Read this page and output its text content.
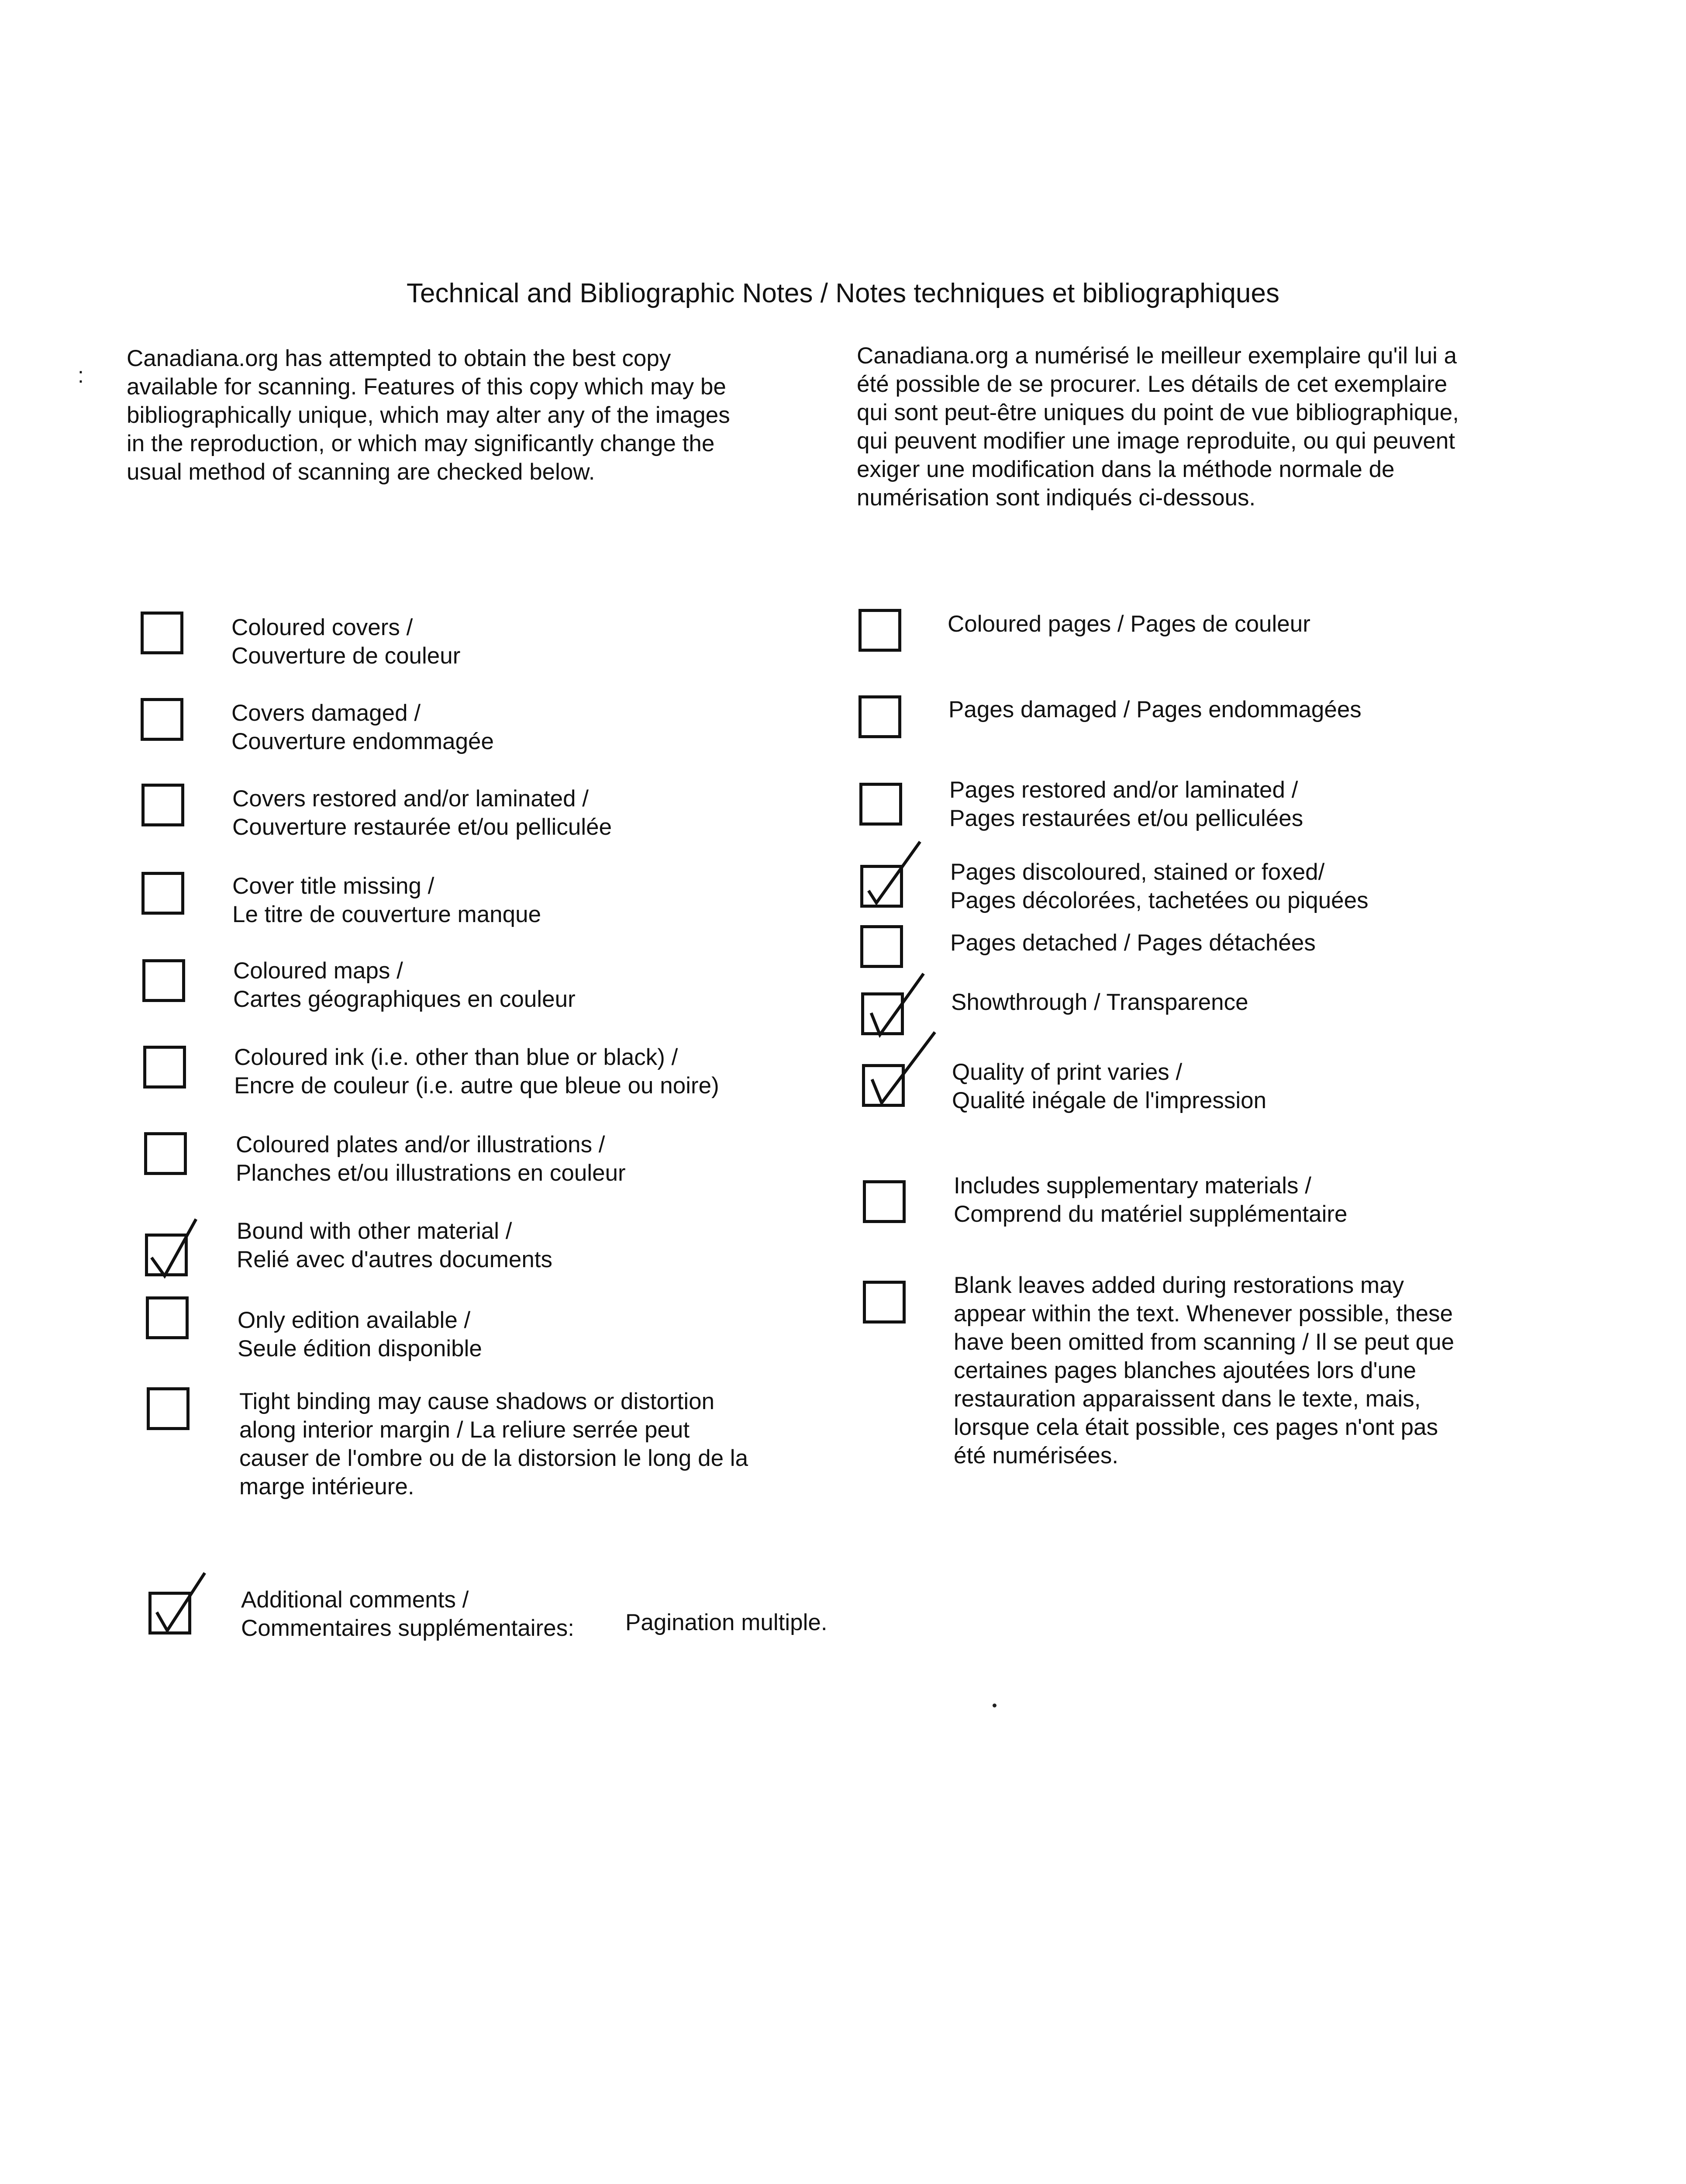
Technical and Bibliographic Notes / Notes techniques et bibliographiques
:
Canadiana.org has attempted to obtain the best copy
available for scanning. Features of this copy which may be
bibliographically unique, which may alter any of the images
in the reproduction, or which may significantly change the
usual method of scanning are checked below.
Canadiana.org a numérisé le meilleur exemplaire qu'il lui a
été possible de se procurer. Les détails de cet exemplaire
qui sont peut-être uniques du point de vue bibliographique,
qui peuvent modifier une image reproduite, ou qui peuvent
exiger une modification dans la méthode normale de
numérisation sont indiqués ci-dessous.
Coloured covers /
Couverture de couleur
Covers damaged /
Couverture endommagée
Covers restored and/or laminated /
Couverture restaurée et/ou pelliculée
Cover title missing /
Le titre de couverture manque
Coloured maps /
Cartes géographiques en couleur
Coloured ink (i.e. other than blue or black) /
Encre de couleur (i.e. autre que bleue ou noire)
Coloured plates and/or illustrations /
Planches et/ou illustrations en couleur
Bound with other material /
Relié avec d'autres documents
Only edition available /
Seule édition disponible
Tight binding may cause shadows or distortion
along interior margin / La reliure serrée peut
causer de l'ombre ou de la distorsion le long de la
marge intérieure.
Coloured pages / Pages de couleur
Pages damaged / Pages endommagées
Pages restored and/or laminated /
Pages restaurées et/ou pelliculées
Pages discoloured, stained or foxed/
Pages décolorées, tachetées ou piquées
Pages detached / Pages détachées
Showthrough / Transparence
Quality of print varies /
Qualité inégale de l'impression
Includes supplementary materials /
Comprend du matériel supplémentaire
Blank leaves added during restorations may
appear within the text. Whenever possible, these
have been omitted from scanning / Il se peut que
certaines pages blanches ajoutées lors d'une
restauration apparaissent dans le texte, mais,
lorsque cela était possible, ces pages n'ont pas
été numérisées.
Additional comments /
Commentaires supplémentaires: Pagination multiple.
